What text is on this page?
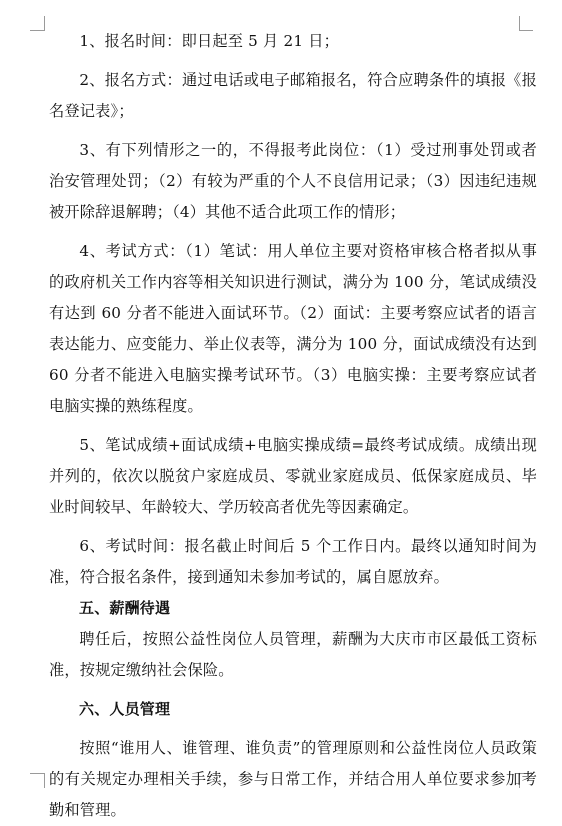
1、报名时间：即日起至 5 月 21 日；

2、报名方式：通过电话或电子邮箱报名，符合应聘条件的填报《报名登记表》；

3、有下列情形之一的，不得报考此岗位：（1）受过刑事处罚或者治安管理处罚；（2）有较为严重的个人不良信用记录；（3）因违纪违规被开除辞退解聘；（4）其他不适合此项工作的情形；

4、考试方式：（1）笔试：用人单位主要对资格审核合格者拟从事的政府机关工作内容等相关知识进行测试，满分为 100 分，笔试成绩没有达到 60 分者不能进入面试环节。（2）面试：主要考察应试者的语言表达能力、应变能力、举止仪表等，满分为 100 分，面试成绩没有达到 60 分者不能进入电脑实操考试环节。（3）电脑实操：主要考察应试者电脑实操的熟练程度。

5、笔试成绩+面试成绩+电脑实操成绩=最终考试成绩。成绩出现并列的，依次以脱贫户家庭成员、零就业家庭成员、低保家庭成员、毕业时间较早、年龄较大、学历较高者优先等因素确定。

6、考试时间：报名截止时间后 5 个工作日内。最终以通知时间为准，符合报名条件，接到通知未参加考试的，属自愿放弃。

五、薪酬待遇

聘任后，按照公益性岗位人员管理，薪酬为大庆市市区最低工资标准，按规定缴纳社会保险。

六、人员管理

按照“谁用人、谁管理、谁负责”的管理原则和公益性岗位人员政策的有关规定办理相关手续，参与日常工作，并结合用人单位要求参加考勤和管理。
